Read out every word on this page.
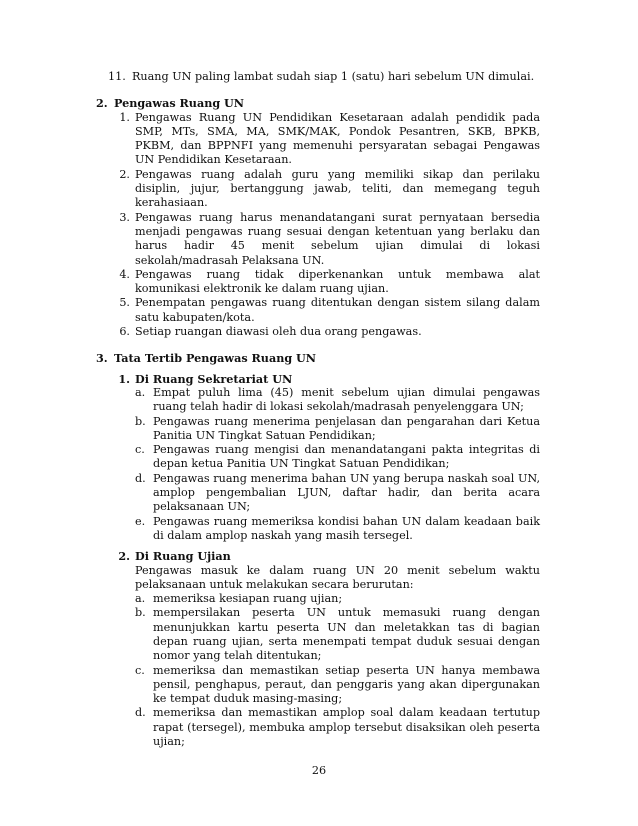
11. Ruang UN paling lambat sudah siap 1 (satu) hari sebelum UN dimulai.
2. Pengawas Ruang UN
1. Pengawas Ruang UN Pendidikan Kesetaraan adalah pendidik pada SMP, MTs, SMA, MA, SMK/MAK, Pondok Pesantren, SKB, BPKB, PKBM, dan BPPNFI yang memenuhi persyaratan sebagai Pengawas UN Pendidikan Kesetaraan.
2. Pengawas ruang adalah guru yang memiliki sikap dan perilaku disiplin, jujur, bertanggung jawab, teliti, dan memegang teguh kerahasiaan.
3. Pengawas ruang harus menandatangani surat pernyataan bersedia menjadi pengawas ruang sesuai dengan ketentuan yang berlaku dan harus hadir 45 menit sebelum ujian dimulai di lokasi sekolah/madrasah Pelaksana UN.
4. Pengawas ruang tidak diperkenankan untuk membawa alat komunikasi elektronik ke dalam ruang ujian.
5. Penempatan pengawas ruang ditentukan dengan sistem silang dalam satu kabupaten/kota.
6. Setiap ruangan diawasi oleh dua orang pengawas.
3. Tata Tertib Pengawas Ruang UN
1. Di Ruang Sekretariat UN
a. Empat puluh lima (45) menit sebelum ujian dimulai pengawas ruang telah hadir di lokasi sekolah/madrasah penyelenggara UN;
b. Pengawas ruang menerima penjelasan dan pengarahan dari Ketua Panitia UN Tingkat Satuan Pendidikan;
c. Pengawas ruang mengisi dan menandatangani pakta integritas di depan ketua Panitia UN Tingkat Satuan Pendidikan;
d. Pengawas ruang menerima bahan UN yang berupa naskah soal UN, amplop pengembalian LJUN, daftar hadir, dan berita acara pelaksanaan UN;
e. Pengawas ruang memeriksa kondisi bahan UN dalam keadaan baik di dalam amplop naskah yang masih tersegel.
2. Di Ruang Ujian
Pengawas masuk ke dalam ruang UN 20 menit sebelum waktu pelaksanaan untuk melakukan secara berurutan:
a. memeriksa kesiapan ruang ujian;
b. mempersilakan peserta UN untuk memasuki ruang dengan menunjukkan kartu peserta UN dan meletakkan tas di bagian depan ruang ujian, serta menempati tempat duduk sesuai dengan nomor yang telah ditentukan;
c. memeriksa dan memastikan setiap peserta UN hanya membawa pensil, penghapus, peraut, dan penggaris yang akan dipergunakan ke tempat duduk masing-masing;
d. memeriksa dan memastikan amplop soal dalam keadaan tertutup rapat (tersegel), membuka amplop tersebut disaksikan oleh peserta ujian;
26
